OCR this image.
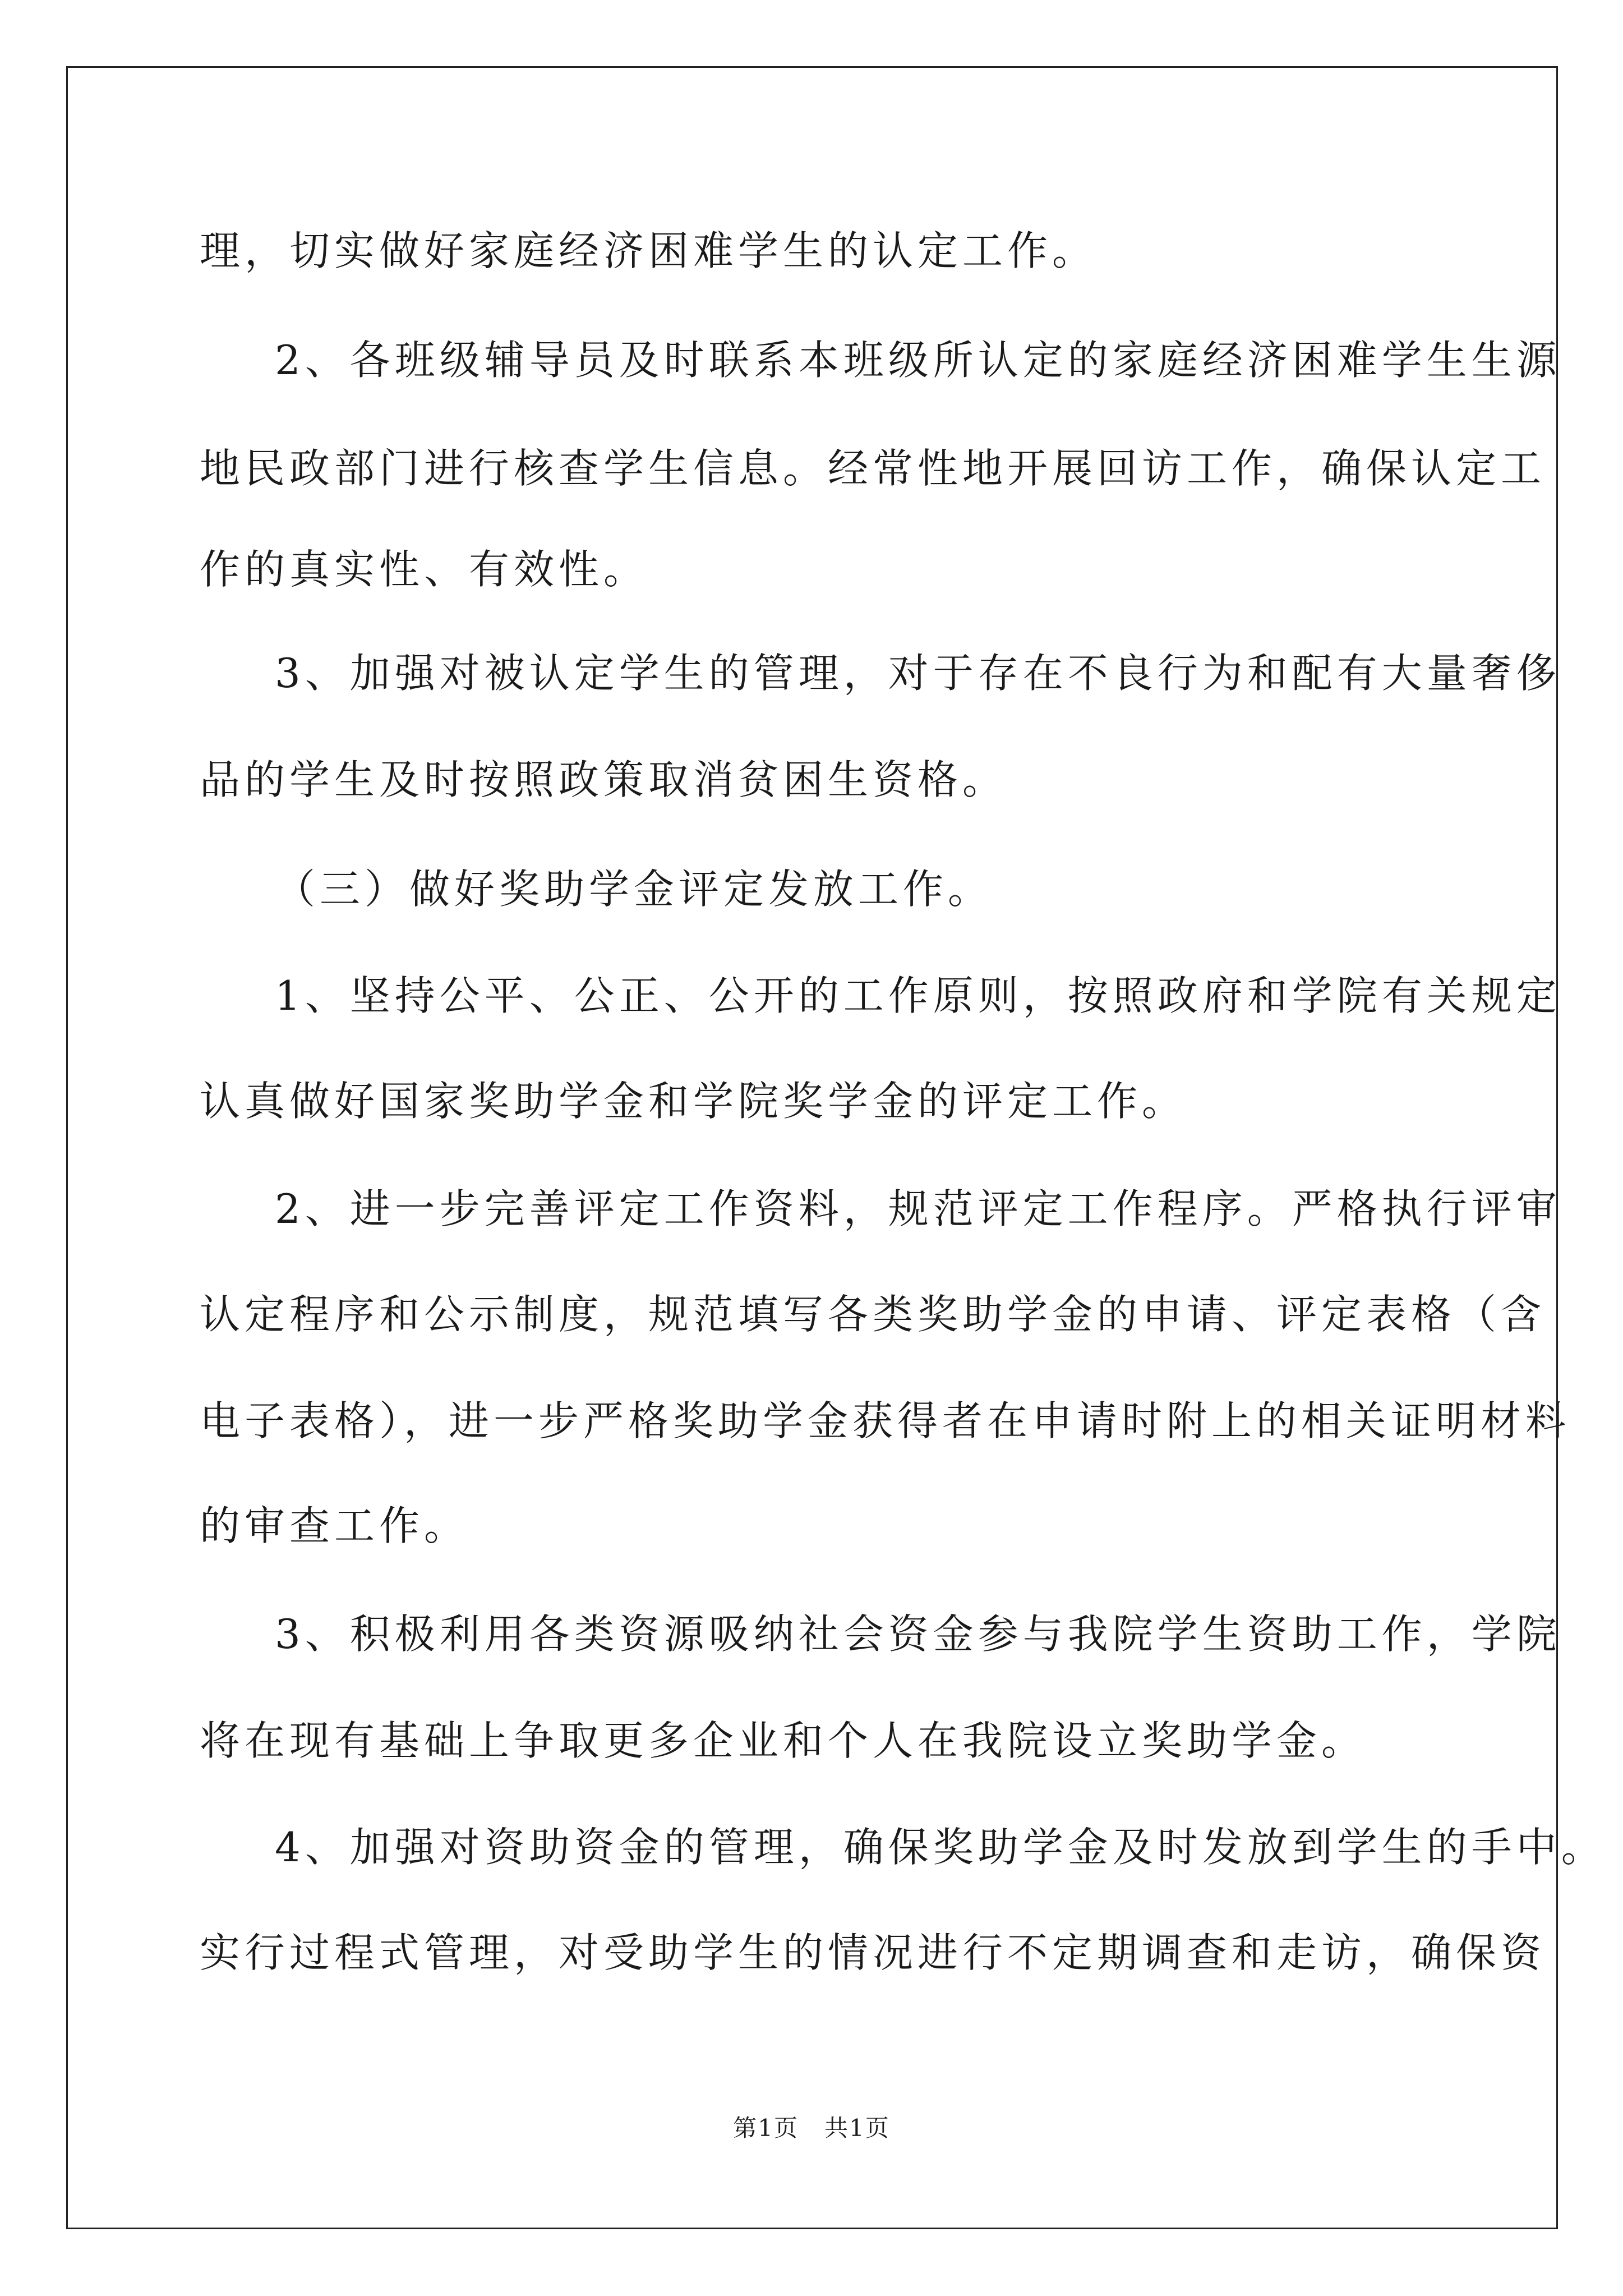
理，切实做好家庭经济困难学生的认定工作。
2、各班级辅导员及时联系本班级所认定的家庭经济困难学生生源
地民政部门进行核查学生信息。经常性地开展回访工作，确保认定工
作的真实性、有效性。
3、加强对被认定学生的管理，对于存在不良行为和配有大量奢侈
品的学生及时按照政策取消贫困生资格。
（三）做好奖助学金评定发放工作。
1、坚持公平、公正、公开的工作原则，按照政府和学院有关规定
认真做好国家奖助学金和学院奖学金的评定工作。
2、进一步完善评定工作资料，规范评定工作程序。严格执行评审
认定程序和公示制度，规范填写各类奖助学金的申请、评定表格（含
电子表格），进一步严格奖助学金获得者在申请时附上的相关证明材料
的审查工作。
3、积极利用各类资源吸纳社会资金参与我院学生资助工作，学院
将在现有基础上争取更多企业和个人在我院设立奖助学金。
4、加强对资助资金的管理，确保奖助学金及时发放到学生的手中。
实行过程式管理，对受助学生的情况进行不定期调查和走访，确保资
第1页   共1页
